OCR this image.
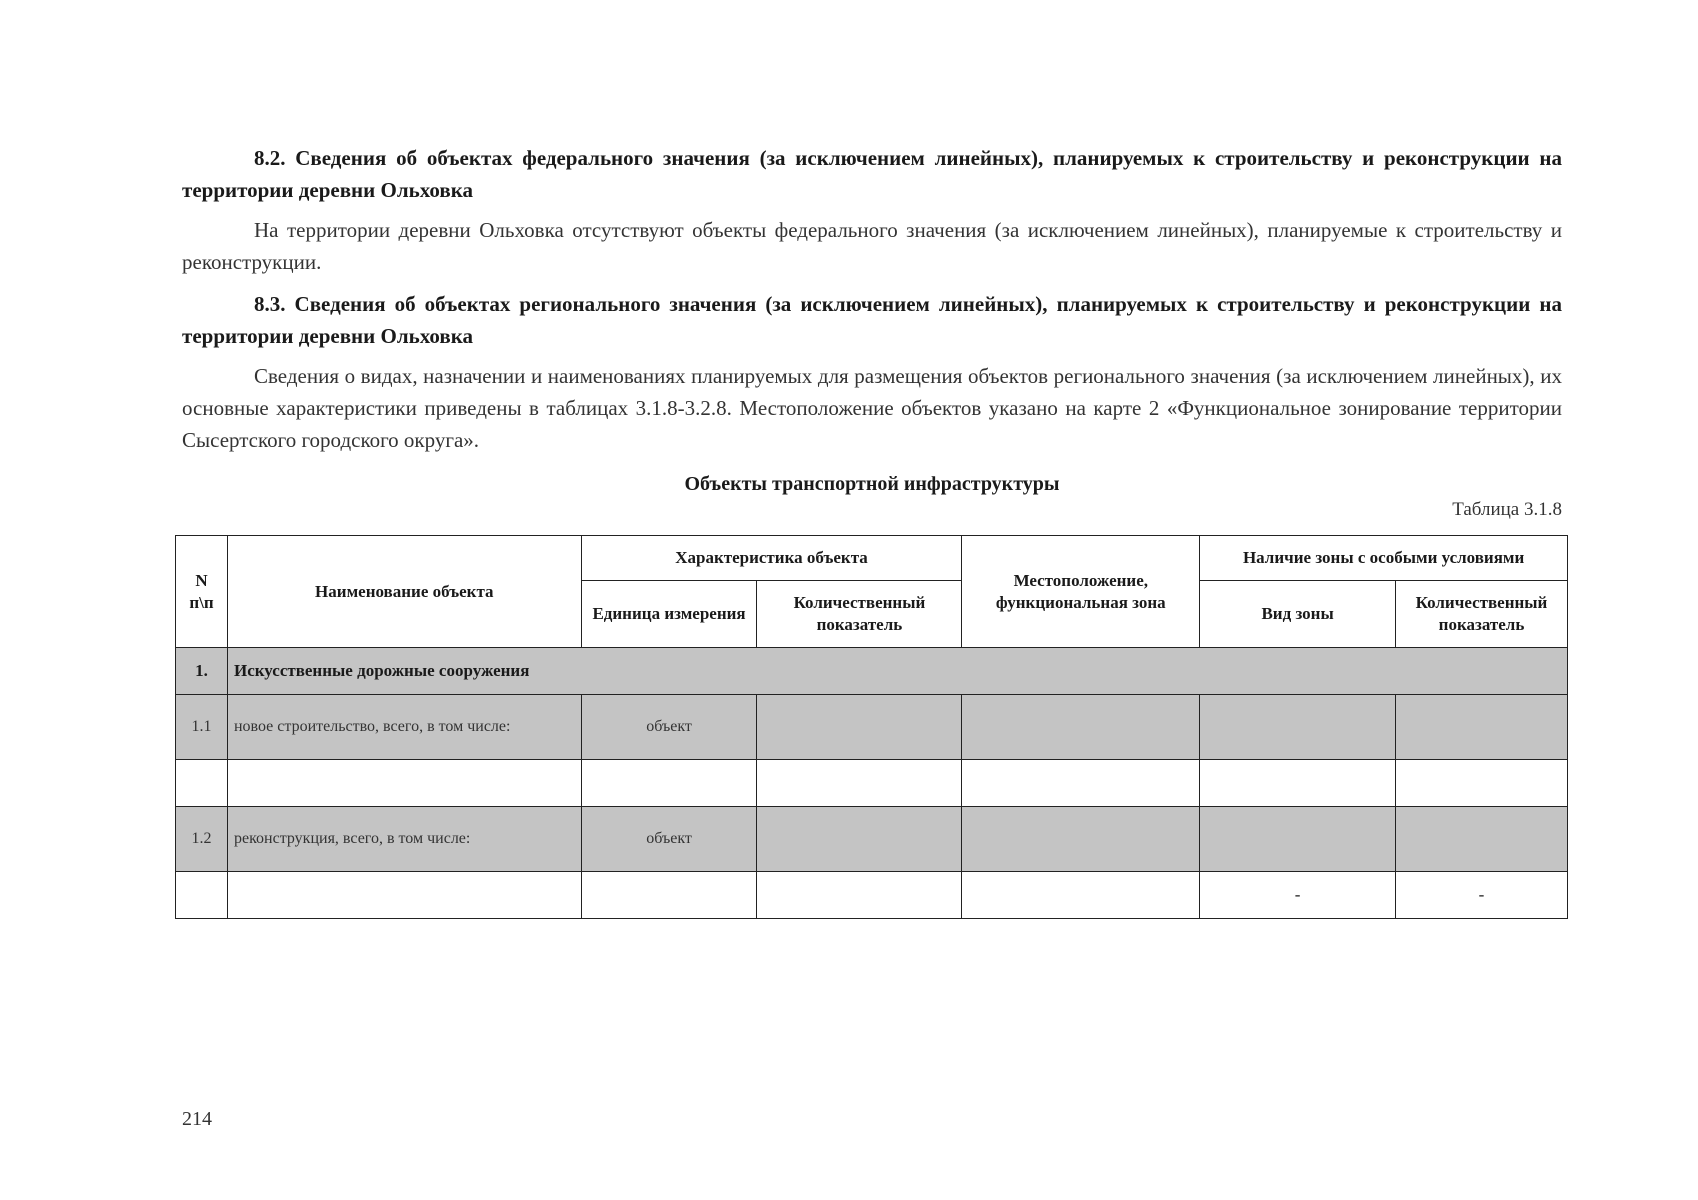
8.2. Сведения об объектах федерального значения (за исключением линейных), планируемых к строительству и реконструкции на территории деревни Ольховка

На территории деревни Ольховка отсутствуют объекты федерального значения (за исключением линейных), планируемые к строительству и реконструкции.

8.3. Сведения об объектах регионального значения (за исключением линейных), планируемых к строительству и реконструкции на территории деревни Ольховка

Сведения о видах, назначении и наименованиях планируемых для размещения объектов регионального значения (за исключением линейных), их основные характеристики приведены в таблицах 3.1.8-3.2.8. Местоположение объектов указано на карте 2 «Функциональное зонирование территории Сысертского городского округа».

Объекты транспортной инфраструктуры
Таблица 3.1.8
N п\п	Наименование объекта	Характеристика объекта		Местоположение, функциональная зона	Наличие зоны с особыми условиями	
		Единица измерения	Количественный показатель		Вид зоны	Количественный показатель
1.	Искусственные дорожные сооружения					
1.1	новое строительство, всего, в том числе:	объект				

1.2	реконструкция, всего, в том числе:	объект				
					-	-
214
